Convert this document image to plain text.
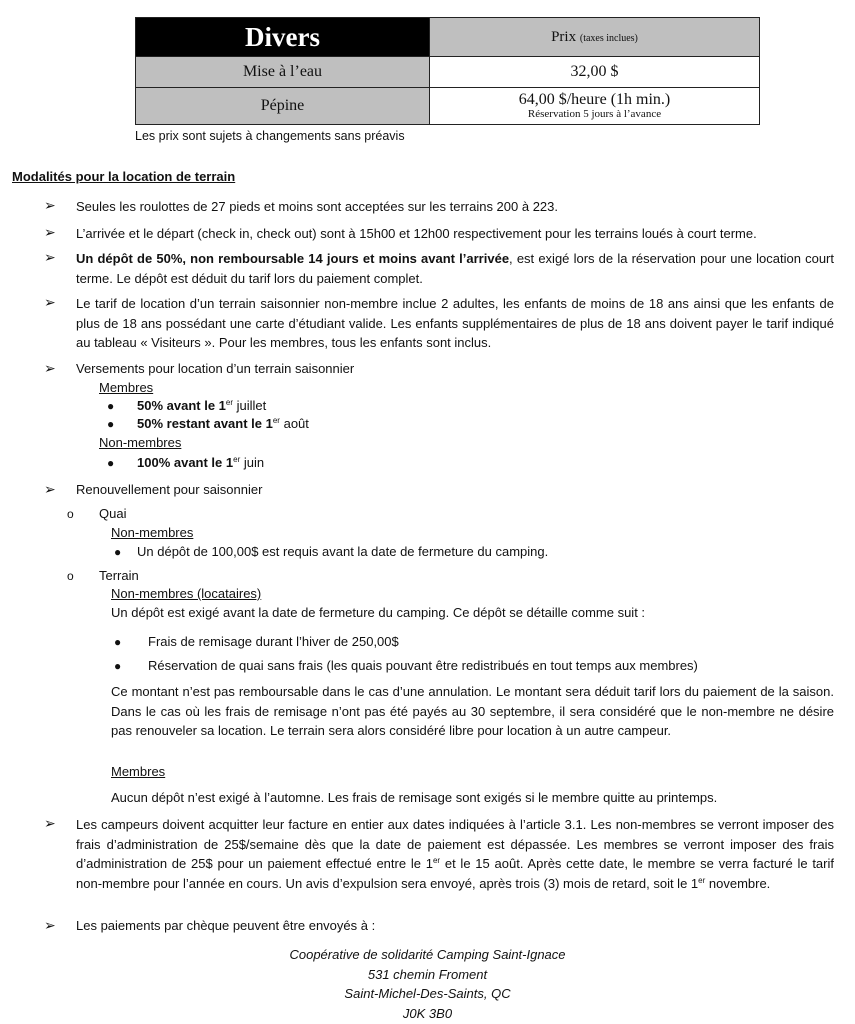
Divers	Prix (taxes inclues)
Mise à l’eau	32,00 $
Pépine	64,00 $/heure (1h min.)
Réservation 5 jours à l’avance
Les prix sont sujets à changements sans préavis
Modalités pour la location de terrain
➢ Seules les roulottes de 27 pieds et moins sont acceptées sur les terrains 200 à 223.
➢ L’arrivée et le départ (check in, check out) sont à 15h00 et 12h00 respectivement pour les terrains loués à court terme.
➢ Un dépôt de 50%, non remboursable 14 jours et moins avant l’arrivée, est exigé lors de la réservation pour une location court terme. Le dépôt est déduit du tarif lors du paiement complet.
➢ Le tarif de location d’un terrain saisonnier non-membre inclue 2 adultes, les enfants de moins de 18 ans ainsi que les enfants de plus de 18 ans possédant une carte d’étudiant valide. Les enfants supplémentaires de plus de 18 ans doivent payer le tarif indiqué au tableau « Visiteurs ». Pour les membres, tous les enfants sont inclus.
➢ Versements pour location d’un terrain saisonnier
Membres
● 50% avant le 1er juillet
● 50% restant avant le 1er août
Non-membres
● 100% avant le 1er juin
➢ Renouvellement pour saisonnier
o Quai
Non-membres
● Un dépôt de 100,00$ est requis avant la date de fermeture du camping.
o Terrain
Non-membres (locataires)
Un dépôt est exigé avant la date de fermeture du camping. Ce dépôt se détaille comme suit :
● Frais de remisage durant l’hiver de 250,00$
● Réservation de quai sans frais (les quais pouvant être redistribués en tout temps aux membres)
Ce montant n’est pas remboursable dans le cas d’une annulation. Le montant sera déduit tarif lors du paiement de la saison. Dans le cas où les frais de remisage n’ont pas été payés au 30 septembre, il sera considéré que le non-membre ne désire pas renouveler sa location. Le terrain sera alors considéré libre pour location à un autre campeur.
Membres
Aucun dépôt n’est exigé à l’automne. Les frais de remisage sont exigés si le membre quitte au printemps.
➢ Les campeurs doivent acquitter leur facture en entier aux dates indiquées à l’article 3.1. Les non-membres se verront imposer des frais d’administration de 25$/semaine dès que la date de paiement est dépassée. Les membres se verront imposer des frais d’administration de 25$ pour un paiement effectué entre le 1er et le 15 août. Après cette date, le membre se verra facturé le tarif non-membre pour l’année en cours. Un avis d’expulsion sera envoyé, après trois (3) mois de retard, soit le 1er novembre.
➢ Les paiements par chèque peuvent être envoyés à :
Coopérative de solidarité Camping Saint-Ignace
531 chemin Froment
Saint-Michel-Des-Saints, QC
J0K 3B0
